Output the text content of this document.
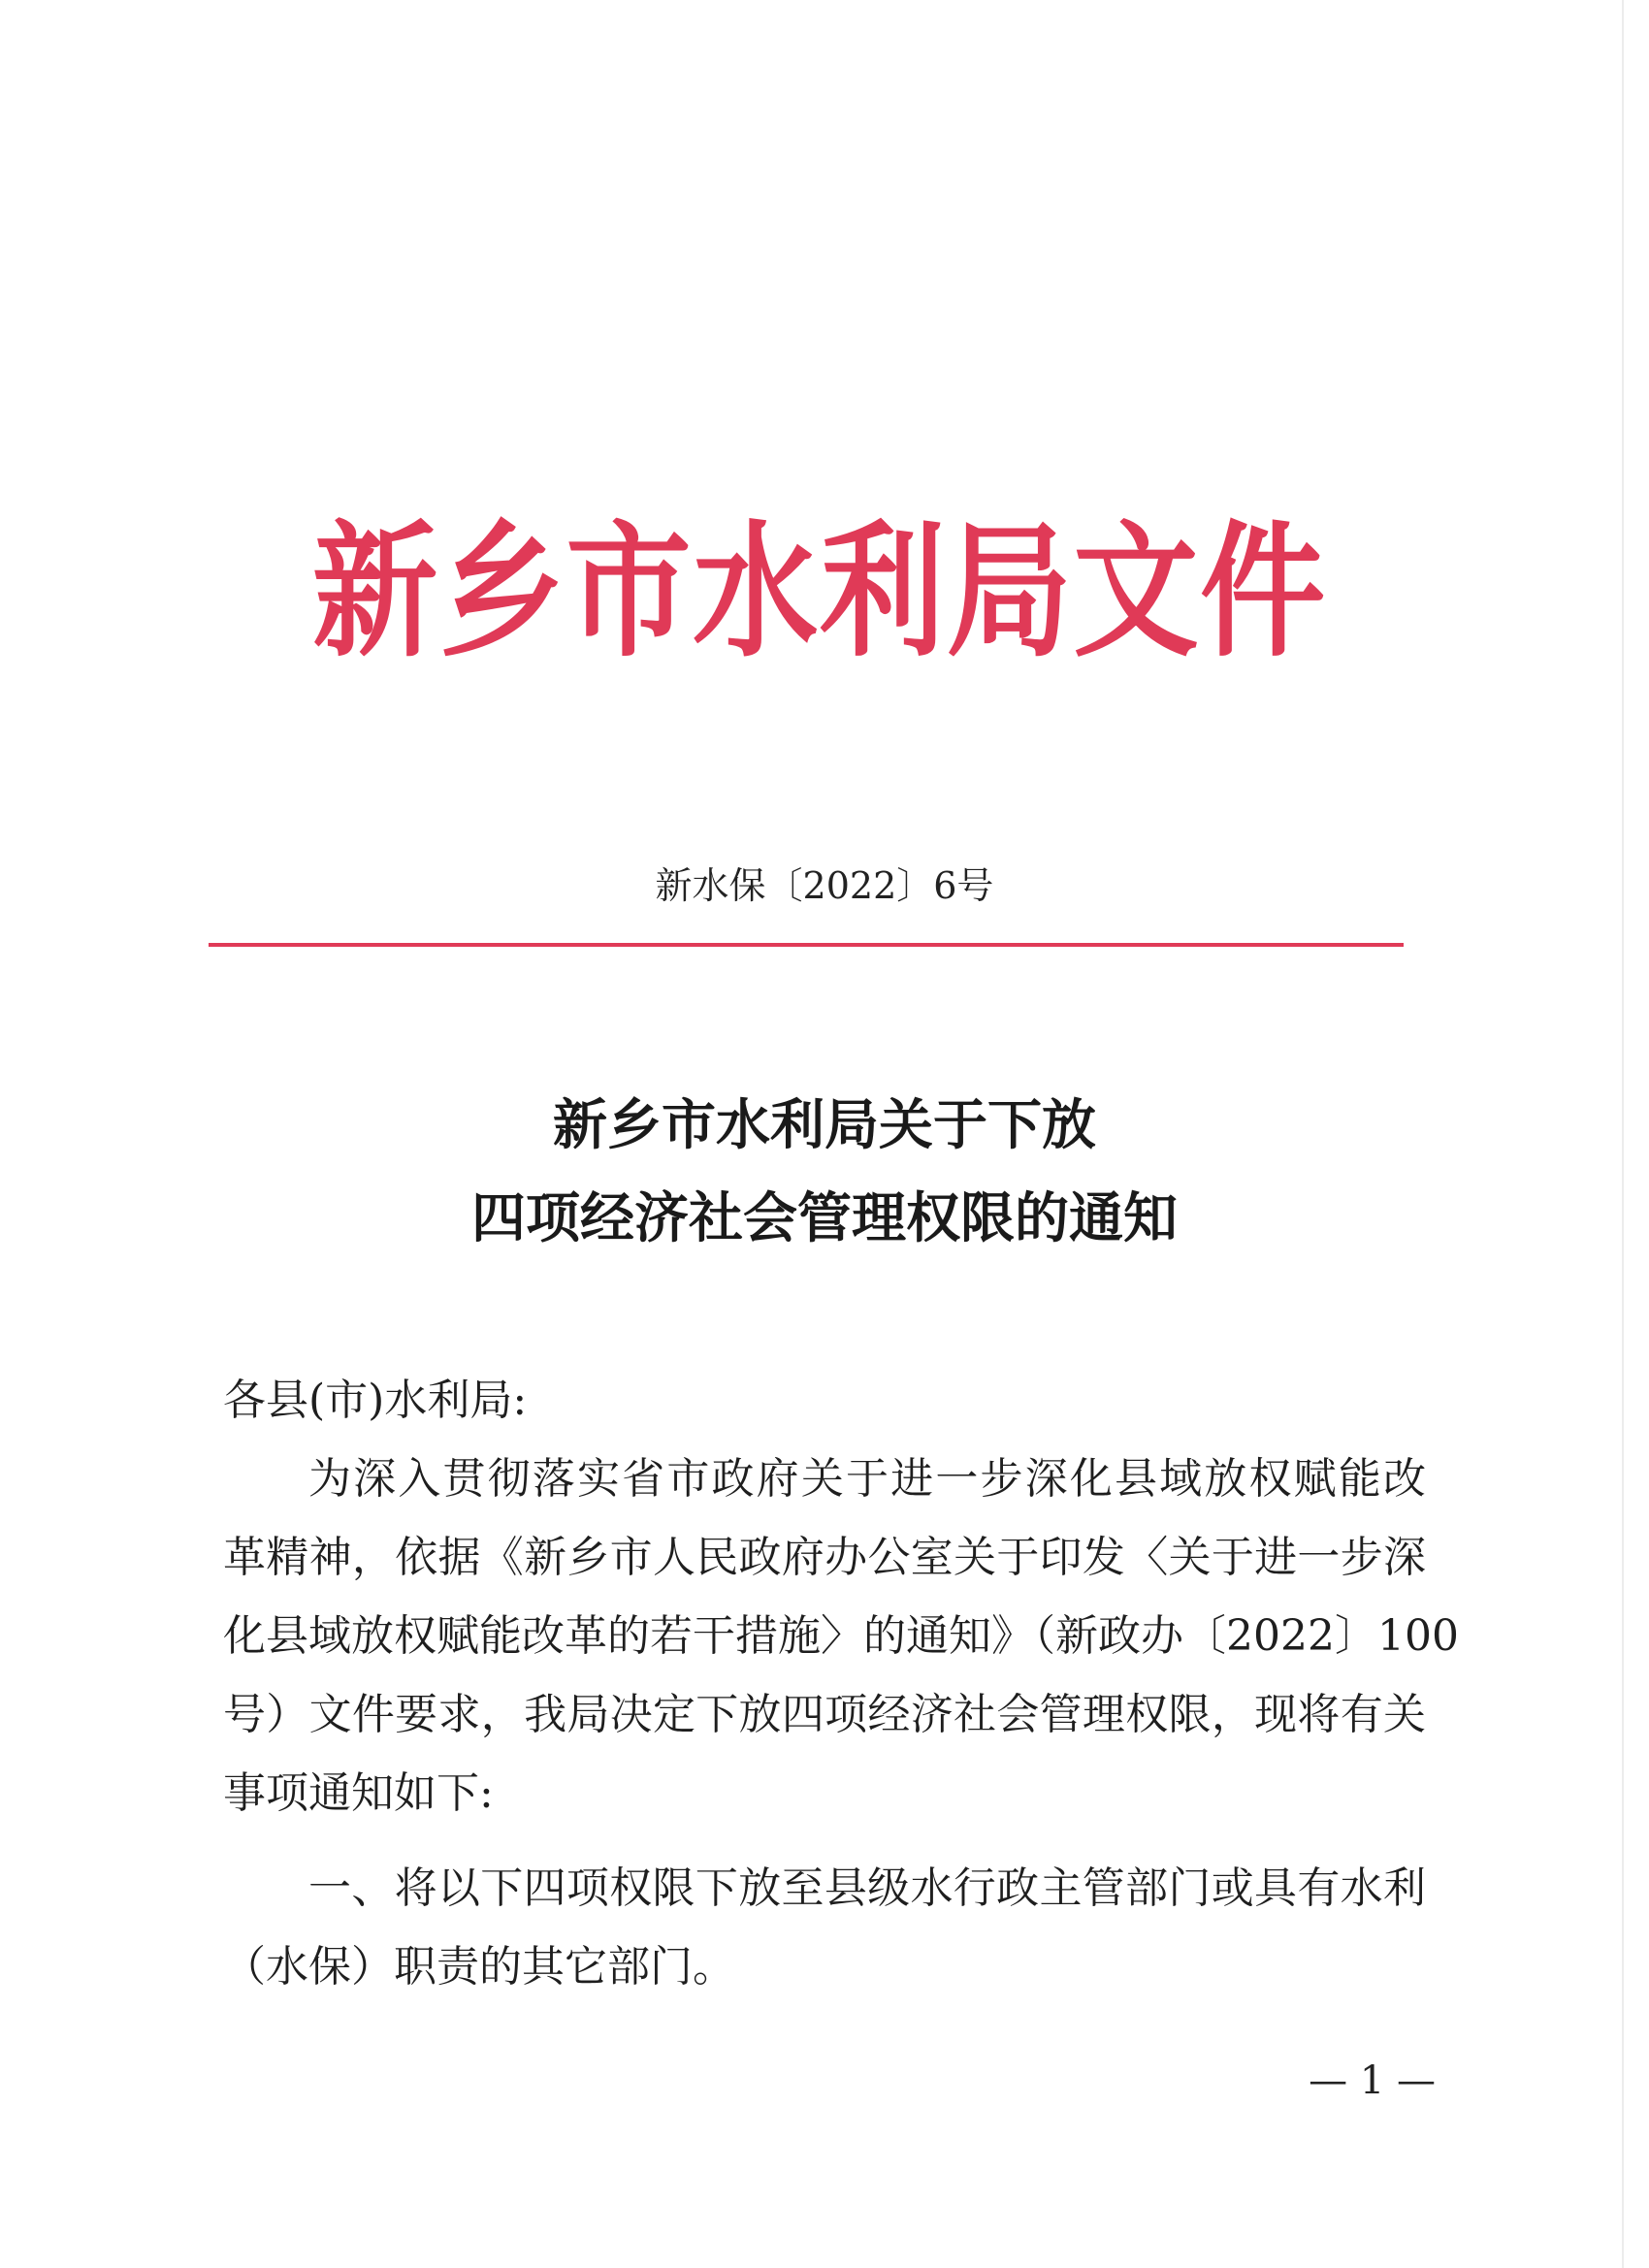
新乡市水利局文件
新水保〔2022〕6号
新乡市水利局关于下放
四项经济社会管理权限的通知
各县(市)水利局:
为深入贯彻落实省市政府关于进一步深化县域放权赋能改
革精神，依据《新乡市人民政府办公室关于印发〈关于进一步深
化县域放权赋能改革的若干措施〉的通知》（新政办〔2022〕100
号）文件要求，我局决定下放四项经济社会管理权限，现将有关
事项通知如下:
一、将以下四项权限下放至县级水行政主管部门或具有水利
（水保）职责的其它部门。
— 1 —
